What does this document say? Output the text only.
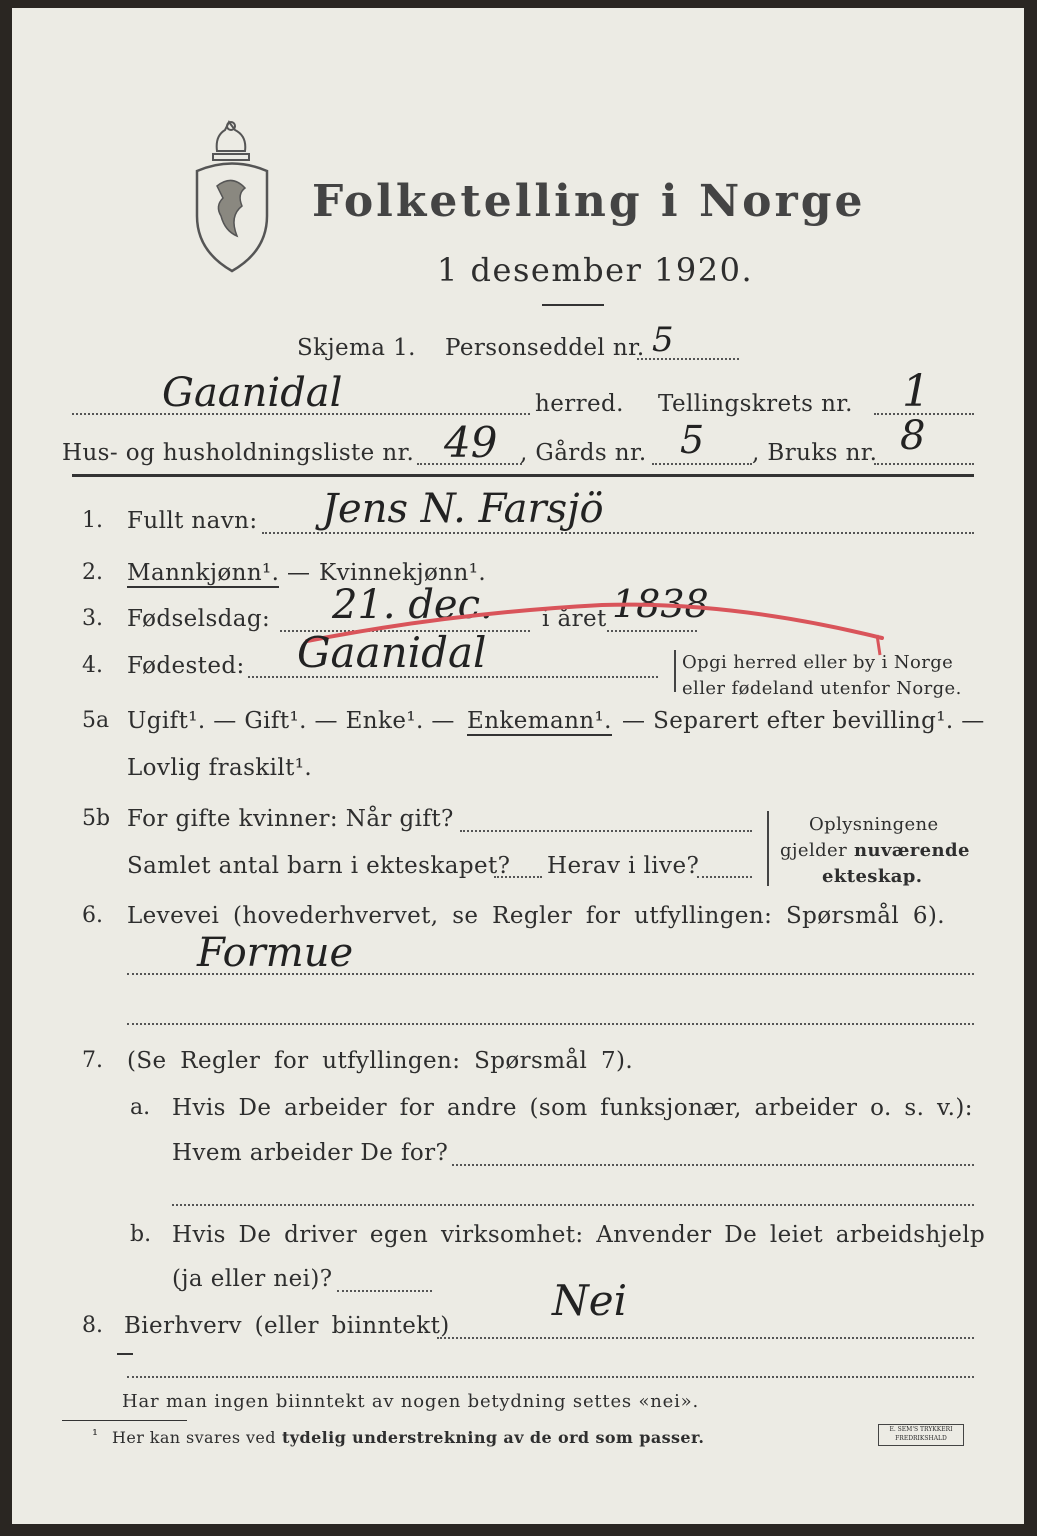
Folketelling i Norge
1 desember 1920.
Skjema 1. Personseddel nr. 5
Gaanidal	herred. Tellingskrets nr. 1
Hus- og husholdningsliste nr. 49 , Gårds nr. 5 , Bruks nr. 8
1. Fullt navn: Jens N. Farsjö
2. Mannkjønn¹. — Kvinnekjønn¹.
3. Fødselsdag: 21. dec. i året 1838
4. Fødested: Gaanidal	Opgi herred eller by i Norge
eller fødeland utenfor Norge.
5a Ugift¹. — Gift¹. — Enke¹. — Enkemann¹. — Separert efter bevilling¹. —
Lovlig fraskilt¹.
5b For gifte kvinner: Når gift?
Samlet antal barn i ekteskapet? Herav i live?
Oplysningene
gjelder nuværende
ekteskap.
6. Levevei (hovederhvervet, se Regler for utfyllingen: Spørsmål 6).
Formue
7. (Se Regler for utfyllingen: Spørsmål 7).
a. Hvis De arbeider for andre (som funksjonær, arbeider o. s. v.):
Hvem arbeider De for?
b. Hvis De driver egen virksomhet: Anvender De leiet arbeidshjelp
(ja eller nei)?
8. Bierhverv (eller biinntekt)
Nei
Har man ingen biinntekt av nogen betydning settes «nei».
¹ Her kan svares ved tydelig understrekning av de ord som passer.	E. SEM'S TRYKKERI FREDRIKSHALD
